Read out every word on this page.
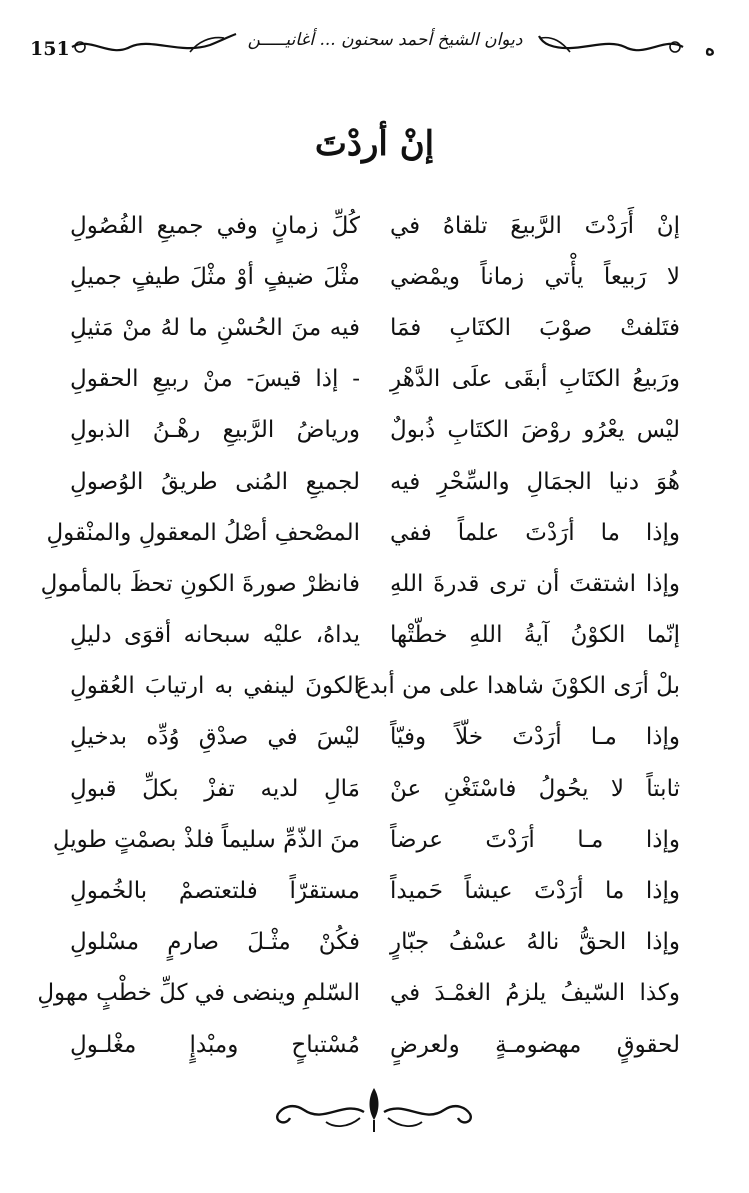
151	ه
ديوان الشيخ أحمد سحنون ... أغانيـــــن
إنْ أردْتَ
إنْ أَرَدْتَ الرَّبيعَ تلقاهُ في
كُلِّ زمانٍ وفي جميعِ الفُصُولِ
لا رَبيعاً يأْتي زماناً ويمْضي
مثْلَ ضيفٍ أوْ مثْلَ طيفٍ جميلِ
فتَلفتْ صوْبَ الكتَابِ فمَا
فيه منَ الحُسْنِ ما لهُ منْ مَثيلِ
ورَبيعُ الكتَابِ أبقَى علَى الدَّهْرِ
- إذا قيسَ- منْ ربيعِ الحقولِ
ليْس يعْرُو روْضَ الكتَابِ ذُبولٌ
ورياضُ الرَّبيعِ رهْـنُ الذبولِ
هُوَ دنيا الجمَالِ والسِّحْرِ فيه
لجميعِ المُنى طريقُ الوُصولِ
وإذا ما أرَدْتَ علماً ففي
المصْحفِ أصْلُ المعقولِ والمنْقولِ
وإذا اشتقتَ أن ترى قدرةَ اللهِ
فانظرْ صورةَ الكونِ تحظَ بالمأمولِ
إنّما الكوْنُ آيةُ اللهِ خطّتْها
يداهُ، عليْه سبحانه أقوَى دليلِ
بلْ أرَى الكوْنَ شاهدا على من أبدعَ
الكونَ لينفي به ارتيابَ العُقولِ
وإذا مـا أرَدْتَ خلّاً وفيّاً
ليْسَ في صدْقِ وُدِّه بدخيلِ
ثابتاً لا يحُولُ فاسْتَغْنِ عنْ
مَالِ لديه تفزْ بكلِّ قبولِ
وإذا مـا أرَدْتَ عرضاً
منَ الذّمِّ سليماً فلذْ بصمْتٍ طويلِ
وإذا ما أرَدْتَ عيشاً حَميداً
مستقرّاً فلتعتصمْ بالخُمولِ
وإذا الحقُّ نالهُ عسْفُ جبّارٍ
فكُنْ مثْـلَ صارمٍ مسْلولِ
وكذا السّيفُ يلزمُ الغمْـدَ في
السّلمِ وينضى في كلِّ خطْبٍ مهولِ
لحقوقٍ مهضومـةٍ ولعرضٍ
مُسْتباحٍ ومبْدإٍ مغْلـولِ
